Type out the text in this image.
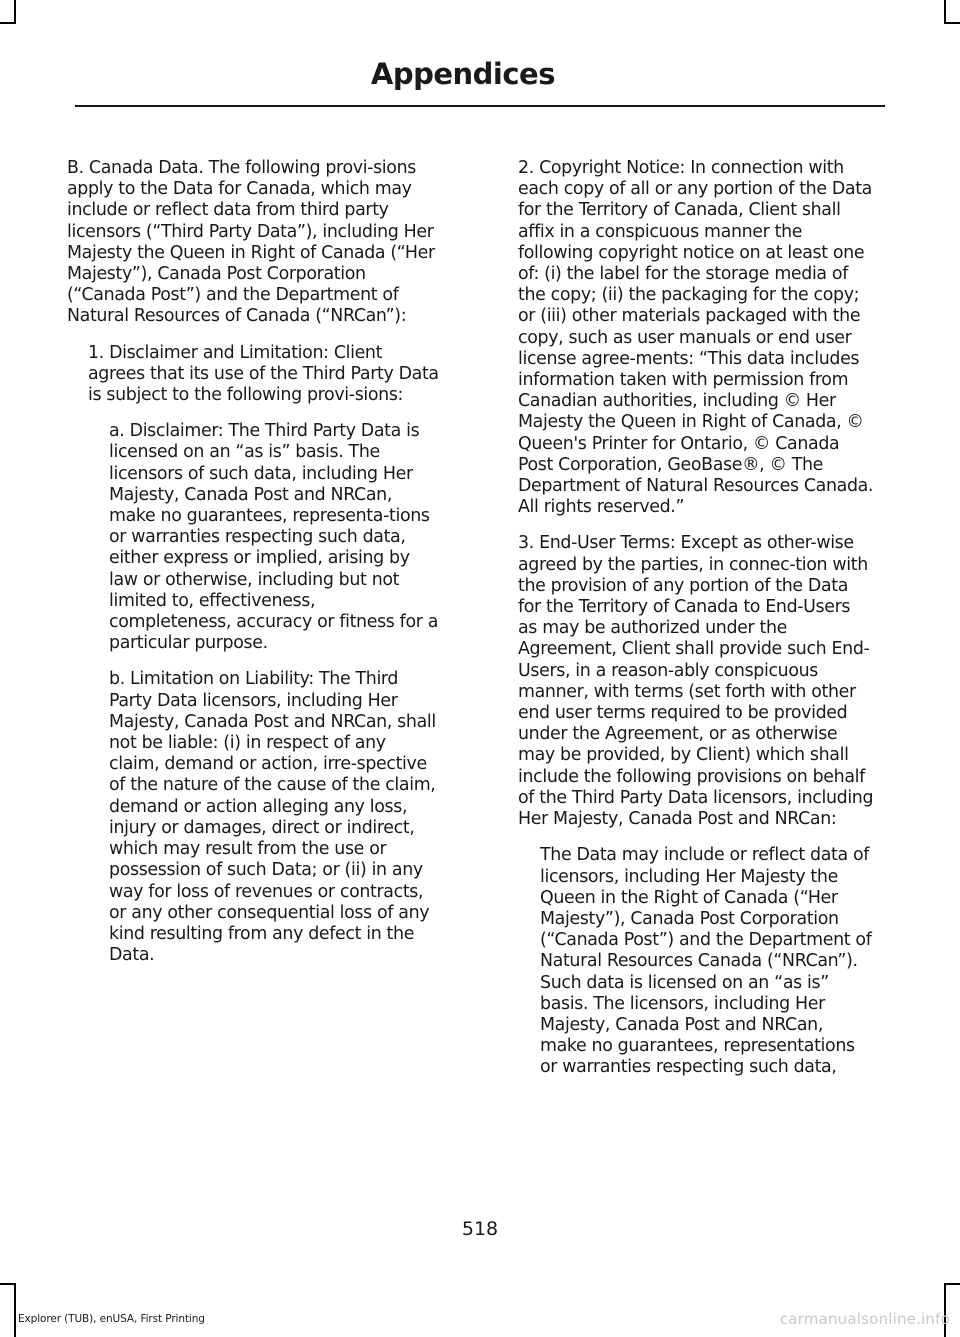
Appendices

B. Canada Data. The following provi-sions apply to the Data for Canada, which may include or reflect data from third party licensors (“Third Party Data”), including Her Majesty the Queen in Right of Canada (“Her Majesty”), Canada Post Corporation (“Canada Post”) and the Department of Natural Resources of Canada (“NRCan”):

1. Disclaimer and Limitation: Client agrees that its use of the Third Party Data is subject to the following provi-sions:

a. Disclaimer: The Third Party Data is licensed on an “as is” basis. The licensors of such data, including Her Majesty, Canada Post and NRCan, make no guarantees, representa-tions or warranties respecting such data, either express or implied, arising by law or otherwise, including but not limited to, effectiveness, completeness, accuracy or fitness for a particular purpose.

b. Limitation on Liability: The Third Party Data licensors, including Her Majesty, Canada Post and NRCan, shall not be liable: (i) in respect of any claim, demand or action, irre-spective of the nature of the cause of the claim, demand or action alleging any loss, injury or damages, direct or indirect, which may result from the use or possession of such Data; or (ii) in any way for loss of revenues or contracts, or any other consequential loss of any kind resulting from any defect in the Data.

2. Copyright Notice: In connection with each copy of all or any portion of the Data for the Territory of Canada, Client shall affix in a conspicuous manner the following copyright notice on at least one of: (i) the label for the storage media of the copy; (ii) the packaging for the copy; or (iii) other materials packaged with the copy, such as user manuals or end user license agree-ments: “This data includes information taken with permission from Canadian authorities, including © Her Majesty the Queen in Right of Canada, © Queen's Printer for Ontario, © Canada Post Corporation, GeoBase®, © The Department of Natural Resources Canada. All rights reserved.”

3. End-User Terms: Except as other-wise agreed by the parties, in connec-tion with the provision of any portion of the Data for the Territory of Canada to End-Users as may be authorized under the Agreement, Client shall provide such End-Users, in a reason-ably conspicuous manner, with terms (set forth with other end user terms required to be provided under the Agreement, or as otherwise may be provided, by Client) which shall include the following provisions on behalf of the Third Party Data licensors, including Her Majesty, Canada Post and NRCan:

The Data may include or reflect data of licensors, including Her Majesty the Queen in the Right of Canada (“Her Majesty”), Canada Post Corporation (“Canada Post”) and the Department of Natural Resources Canada (“NRCan”). Such data is licensed on an “as is” basis. The licensors, including Her Majesty, Canada Post and NRCan, make no guarantees, representations or warranties respecting such data,

518
Explorer (TUB), enUSA, First Printing	carmanualsonline.info
